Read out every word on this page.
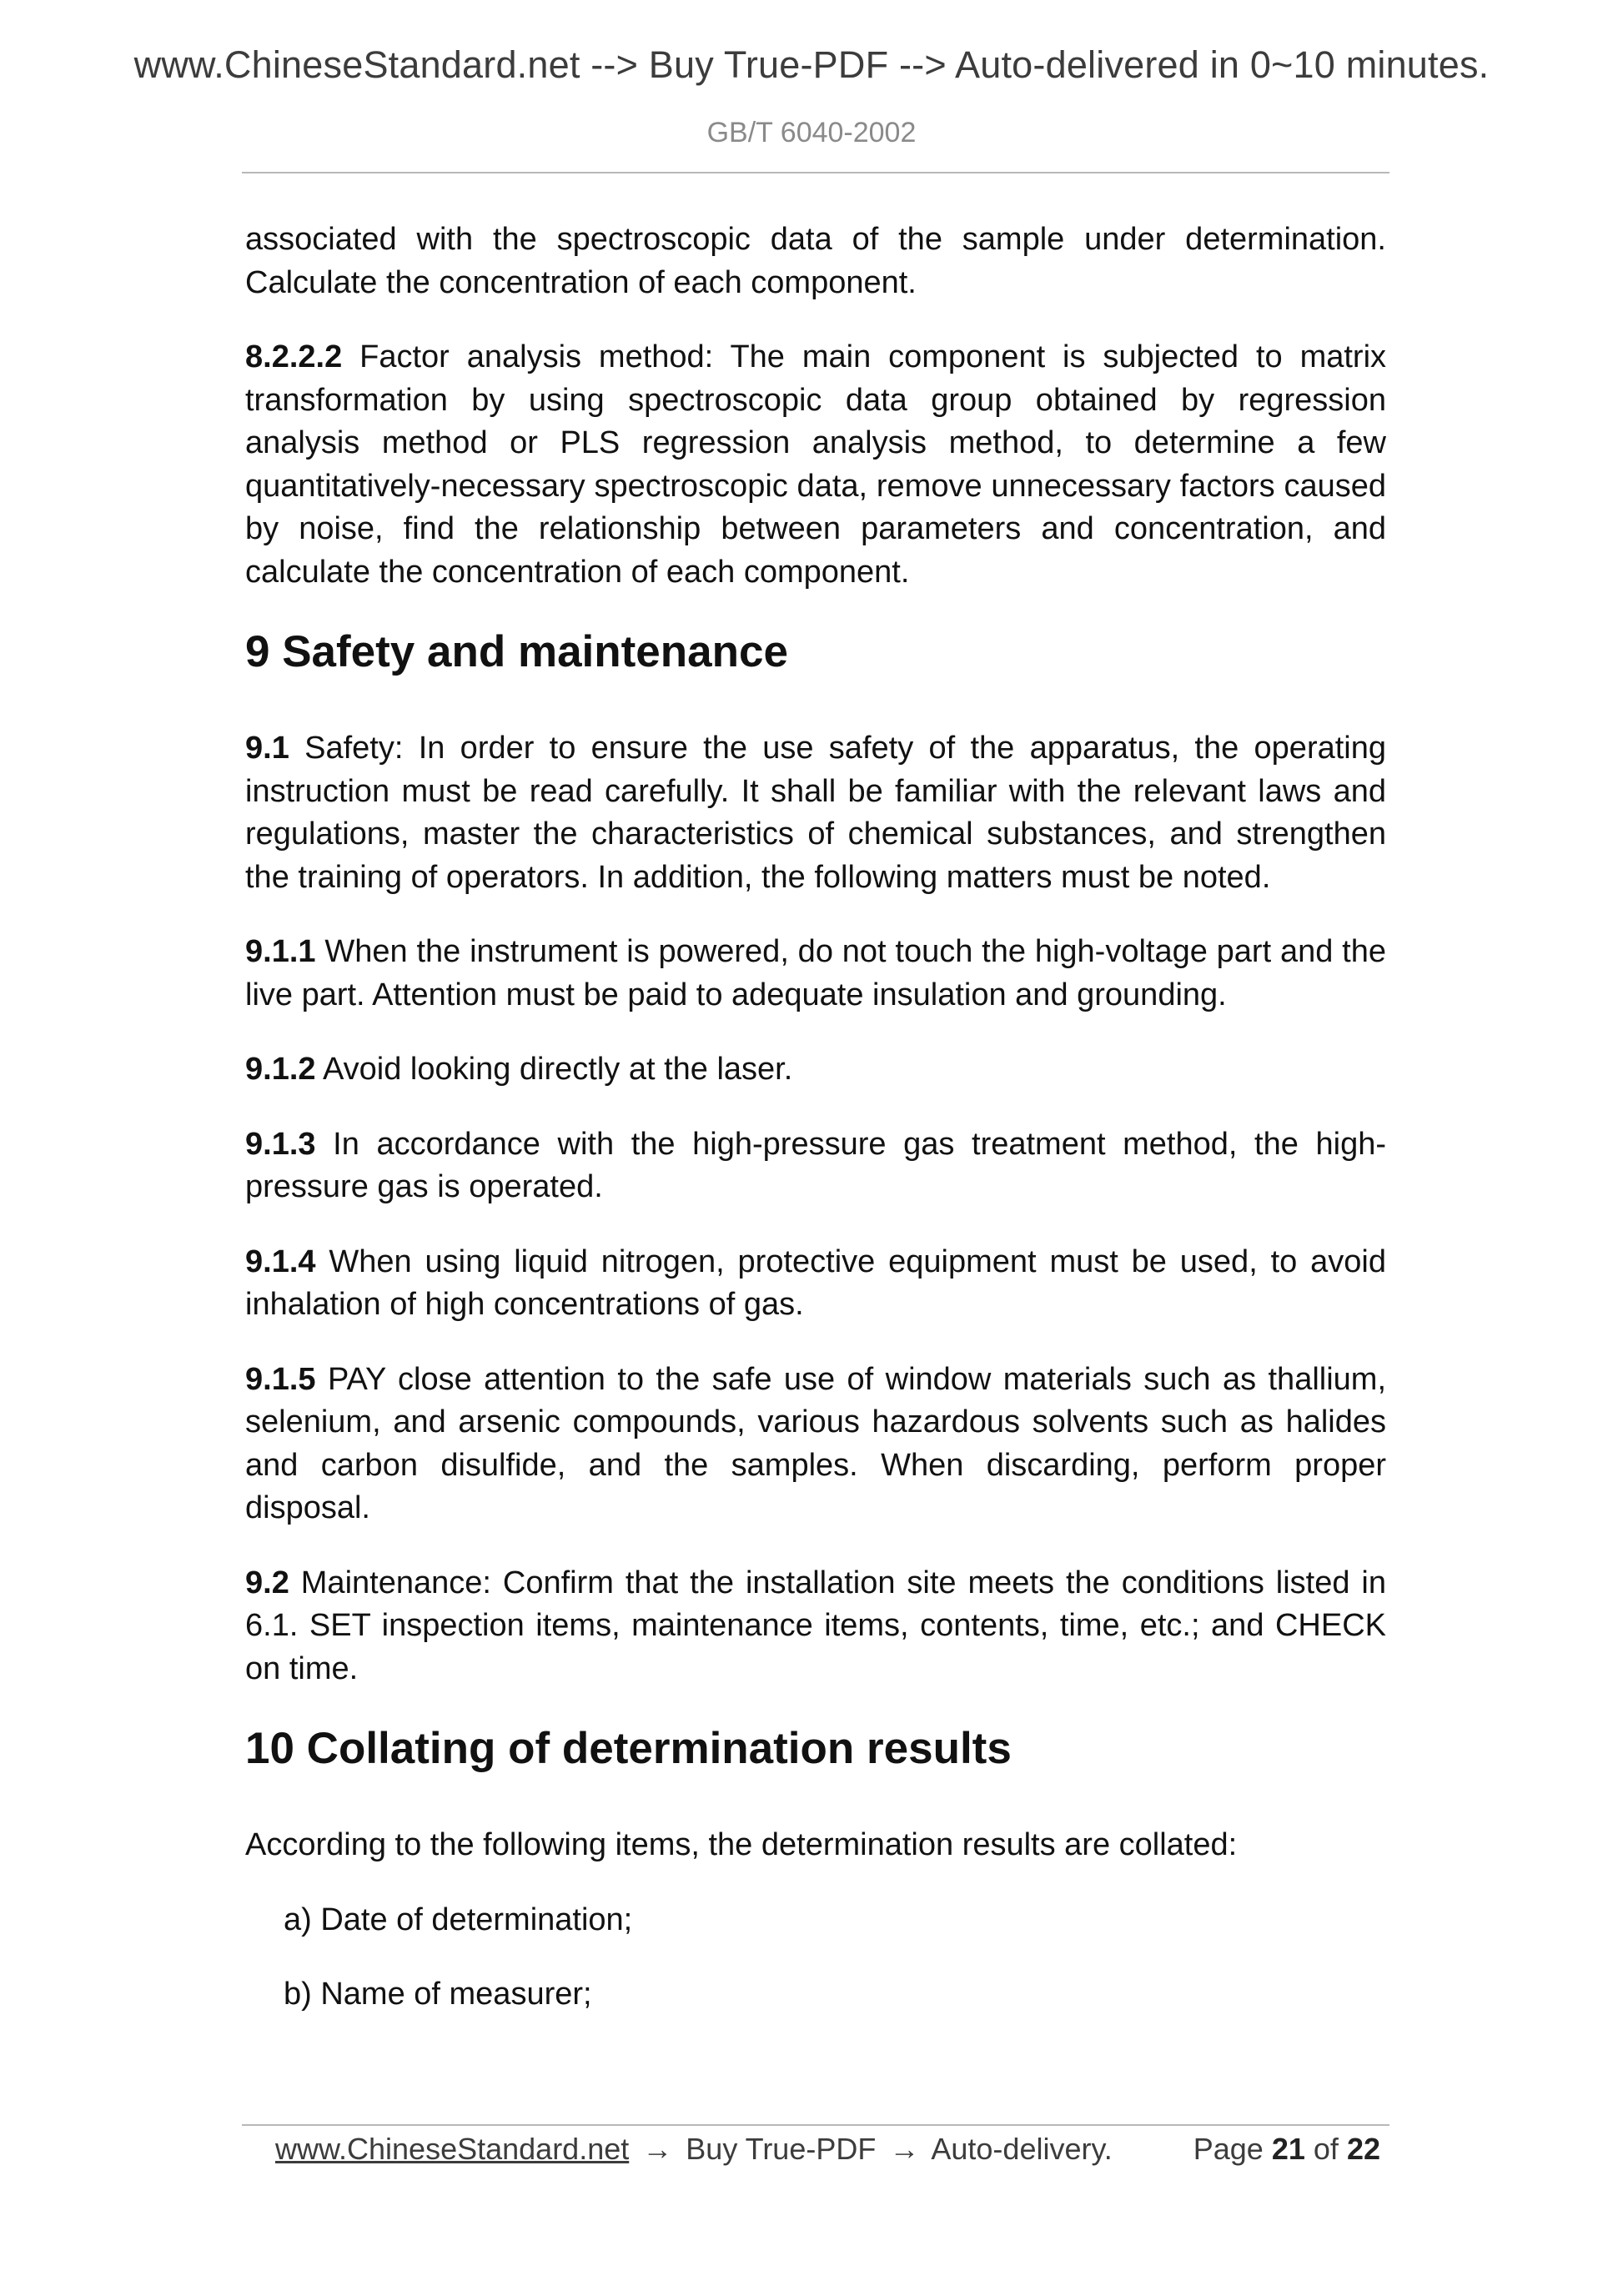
www.ChineseStandard.net --> Buy True-PDF --> Auto-delivered in 0~10 minutes.
GB/T 6040-2002

associated with the spectroscopic data of the sample under determination. Calculate the concentration of each component.

8.2.2.2 Factor analysis method: The main component is subjected to matrix transformation by using spectroscopic data group obtained by regression analysis method or PLS regression analysis method, to determine a few quantitatively-necessary spectroscopic data, remove unnecessary factors caused by noise, find the relationship between parameters and concentration, and calculate the concentration of each component.

9 Safety and maintenance

9.1 Safety: In order to ensure the use safety of the apparatus, the operating instruction must be read carefully. It shall be familiar with the relevant laws and regulations, master the characteristics of chemical substances, and strengthen the training of operators. In addition, the following matters must be noted.

9.1.1 When the instrument is powered, do not touch the high-voltage part and the live part. Attention must be paid to adequate insulation and grounding.

9.1.2 Avoid looking directly at the laser.

9.1.3 In accordance with the high-pressure gas treatment method, the high-pressure gas is operated.

9.1.4 When using liquid nitrogen, protective equipment must be used, to avoid inhalation of high concentrations of gas.

9.1.5 PAY close attention to the safe use of window materials such as thallium, selenium, and arsenic compounds, various hazardous solvents such as halides and carbon disulfide, and the samples. When discarding, perform proper disposal.

9.2 Maintenance: Confirm that the installation site meets the conditions listed in 6.1. SET inspection items, maintenance items, contents, time, etc.; and CHECK on time.

10 Collating of determination results

According to the following items, the determination results are collated:

a) Date of determination;
b) Name of measurer;
www.ChineseStandard.net → Buy True-PDF → Auto-delivery.	Page 21 of 22
